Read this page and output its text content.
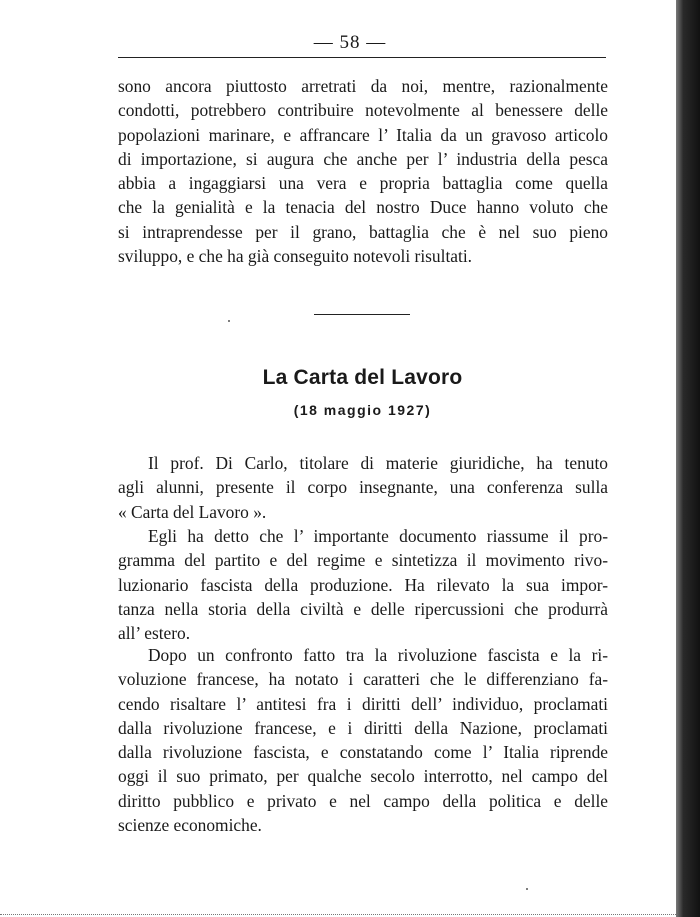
— 58 —
sono ancora piuttosto arretrati da noi, mentre, razionalmente
condotti, potrebbero contribuire notevolmente al benessere delle
popolazioni marinare, e affrancare l’ Italia da un gravoso articolo
di importazione, si augura che anche per l’ industria della pesca
abbia a ingaggiarsi una vera e propria battaglia come quella
che la genialità e la tenacia del nostro Duce hanno voluto che
si intraprendesse per il grano, battaglia che è nel suo pieno
sviluppo, e che ha già conseguito notevoli risultati.
La Carta del Lavoro
(18 maggio 1927)
Il prof. Di Carlo, titolare di materie giuridiche, ha tenuto
agli alunni, presente il corpo insegnante, una conferenza sulla
« Carta del Lavoro ».
Egli ha detto che l’ importante documento riassume il pro-
gramma del partito e del regime e sintetizza il movimento rivo-
luzionario fascista della produzione. Ha rilevato la sua impor-
tanza nella storia della civiltà e delle ripercussioni che produrrà
all’ estero.
Dopo un confronto fatto tra la rivoluzione fascista e la ri-
voluzione francese, ha notato i caratteri che le differenziano fa-
cendo risaltare l’ antitesi fra i diritti dell’ individuo, proclamati
dalla rivoluzione francese, e i diritti della Nazione, proclamati
dalla rivoluzione fascista, e constatando come l’ Italia riprende
oggi il suo primato, per qualche secolo interrotto, nel campo del
diritto pubblico e privato e nel campo della politica e delle
scienze economiche.
